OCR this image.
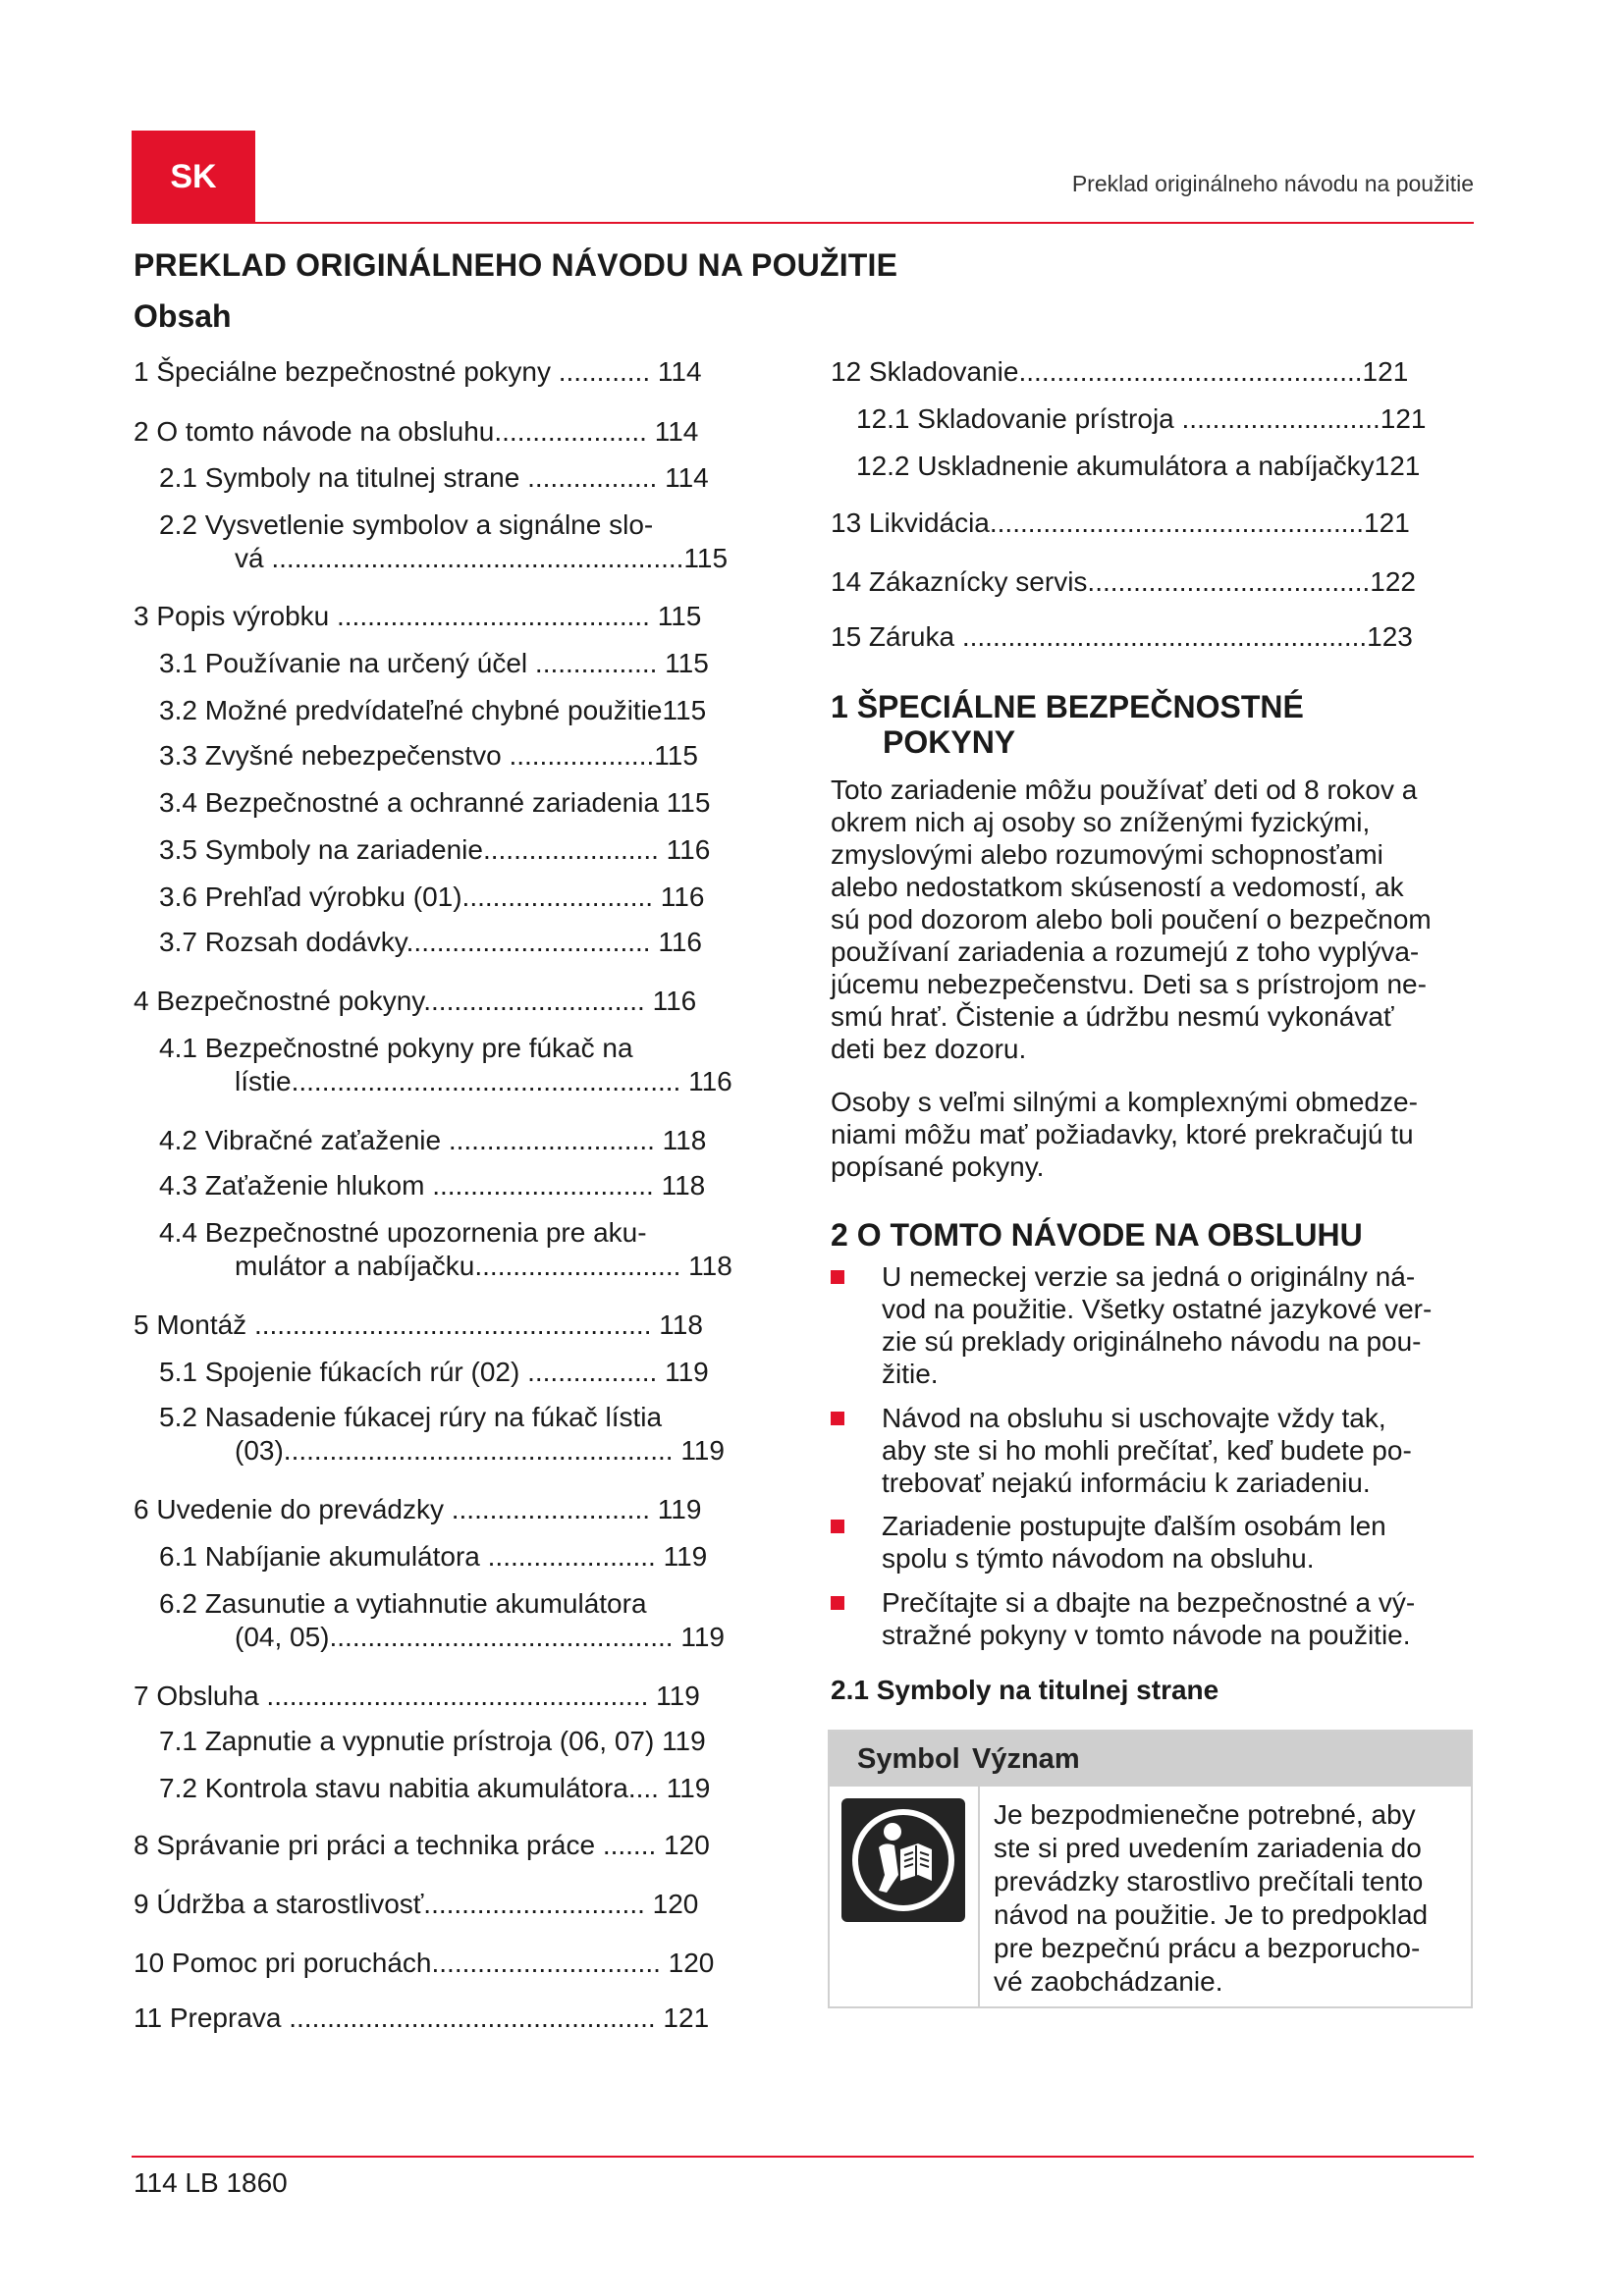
SK	Preklad originálneho návodu na použitie
PREKLAD ORIGINÁLNEHO NÁVODU NA POUŽITIE
Obsah
1 Špeciálne bezpečnostné pokyny ............ 114
2 O tomto návode na obsluhu.................... 114
2.1 Symboly na titulnej strane ................. 114
2.2 Vysvetlenie symbolov a signálne slo-
vá ......................................................115
3 Popis výrobku ......................................... 115
3.1 Používanie na určený účel ................ 115
3.2 Možné predvídateľné chybné použitie115
3.3 Zvyšné nebezpečenstvo ...................115
3.4 Bezpečnostné a ochranné zariadenia 115
3.5 Symboly na zariadenie....................... 116
3.6 Prehľad výrobku (01)......................... 116
3.7 Rozsah dodávky................................ 116
4 Bezpečnostné pokyny............................. 116
4.1 Bezpečnostné pokyny pre fúkač na
lístie................................................... 116
4.2 Vibračné zaťaženie ........................... 118
4.3 Zaťaženie hlukom ............................. 118
4.4 Bezpečnostné upozornenia pre aku-
mulátor a nabíjačku........................... 118
5 Montáž .................................................... 118
5.1 Spojenie fúkacích rúr (02) ................. 119
5.2 Nasadenie fúkacej rúry na fúkač lístia
(03)................................................... 119
6 Uvedenie do prevádzky .......................... 119
6.1 Nabíjanie akumulátora ...................... 119
6.2 Zasunutie a vytiahnutie akumulátora
(04, 05)............................................. 119
7 Obsluha .................................................. 119
7.1 Zapnutie a vypnutie prístroja (06, 07) 119
7.2 Kontrola stavu nabitia akumulátora.... 119
8 Správanie pri práci a technika práce ....... 120
9 Údržba a starostlivosť............................. 120
10 Pomoc pri poruchách.............................. 120
11 Preprava ................................................ 121
12 Skladovanie.............................................121
12.1 Skladovanie prístroja ..........................121
12.2 Uskladnenie akumulátora a nabíjačky121
13 Likvidácia.................................................121
14 Zákaznícky servis.....................................122
15 Záruka .....................................................123
1 ŠPECIÁLNE BEZPEČNOSTNÉ
POKYNY
Toto zariadenie môžu používať deti od 8 rokov a
okrem nich aj osoby so zníženými fyzickými,
zmyslovými alebo rozumovými schopnosťami
alebo nedostatkom skúseností a vedomostí, ak
sú pod dozorom alebo boli poučení o bezpečnom
používaní zariadenia a rozumejú z toho vyplýva-
júcemu nebezpečenstvu. Deti sa s prístrojom ne-
smú hrať. Čistenie a údržbu nesmú vykonávať
deti bez dozoru.
Osoby s veľmi silnými a komplexnými obmedze-
niami môžu mať požiadavky, ktoré prekračujú tu
popísané pokyny.
2 O TOMTO NÁVODE NA OBSLUHU
U nemeckej verzie sa jedná o originálny ná-
vod na použitie. Všetky ostatné jazykové ver-
zie sú preklady originálneho návodu na pou-
žitie.
Návod na obsluhu si uschovajte vždy tak,
aby ste si ho mohli prečítať, keď budete po-
trebovať nejakú informáciu k zariadeniu.
Zariadenie postupujte ďalším osobám len
spolu s týmto návodom na obsluhu.
Prečítajte si a dbajte na bezpečnostné a vý-
stražné pokyny v tomto návode na použitie.
2.1 Symboly na titulnej strane
Symbol Význam
Je bezpodmienečne potrebné, aby
ste si pred uvedením zariadenia do
prevádzky starostlivo prečítali tento
návod na použitie. Je to predpoklad
pre bezpečnú prácu a bezporucho-
vé zaobchádzanie.
114 LB 1860
